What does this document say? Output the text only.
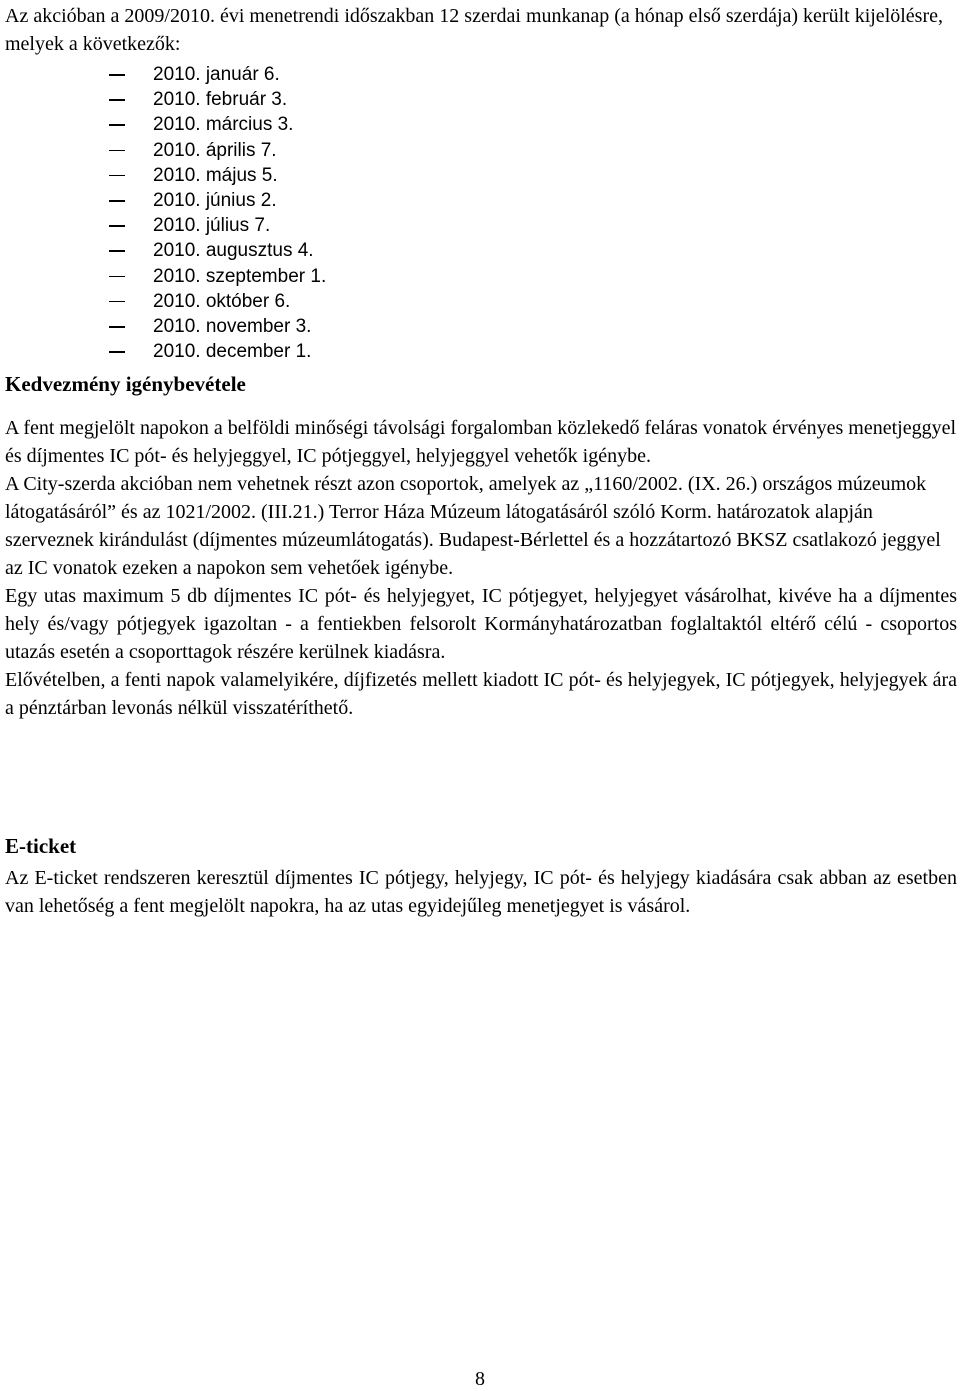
Az akcióban a 2009/2010. évi menetrendi időszakban 12 szerdai munkanap (a hónap első szerdája) került kijelölésre, melyek a következők:
2010. január 6.
2010. február 3.
2010. március 3.
2010. április 7.
2010. május 5.
2010. június 2.
2010. július 7.
2010. augusztus 4.
2010. szeptember 1.
2010. október 6.
2010. november 3.
2010. december 1.
Kedvezmény igénybevétele

A fent megjelölt napokon a belföldi minőségi távolsági forgalomban közlekedő feláras vonatok érvényes menetjeggyel és díjmentes IC pót- és helyjeggyel, IC pótjeggyel, helyjeggyel vehetők igénybe.

A City-szerda akcióban nem vehetnek részt azon csoportok, amelyek az „1160/2002. (IX. 26.) országos múzeumok látogatásáról” és az 1021/2002. (III.21.) Terror Háza Múzeum látogatásáról szóló Korm. határozatok alapján szerveznek kirándulást (díjmentes múzeumlátogatás). Budapest-Bérlettel és a hozzátartozó BKSZ csatlakozó jeggyel az IC vonatok ezeken a napokon sem vehetőek igénybe.

Egy utas maximum 5 db díjmentes IC pót- és helyjegyet, IC pótjegyet, helyjegyet vásárolhat, kivéve ha a díjmentes hely és/vagy pótjegyek igazoltan - a fentiekben felsorolt Kormányhatározatban foglaltaktól eltérő célú - csoportos utazás esetén a csoporttagok részére kerülnek kiadásra.

Elővételben, a fenti napok valamelyikére, díjfizetés mellett kiadott IC pót- és helyjegyek, IC pótjegyek, helyjegyek ára a pénztárban levonás nélkül visszatéríthető.

E-ticket
Az E-ticket rendszeren keresztül díjmentes IC pótjegy, helyjegy, IC pót- és helyjegy kiadására csak abban az esetben van lehetőség a fent megjelölt napokra, ha az utas egyidejűleg menetjegyet is vásárol.
8
